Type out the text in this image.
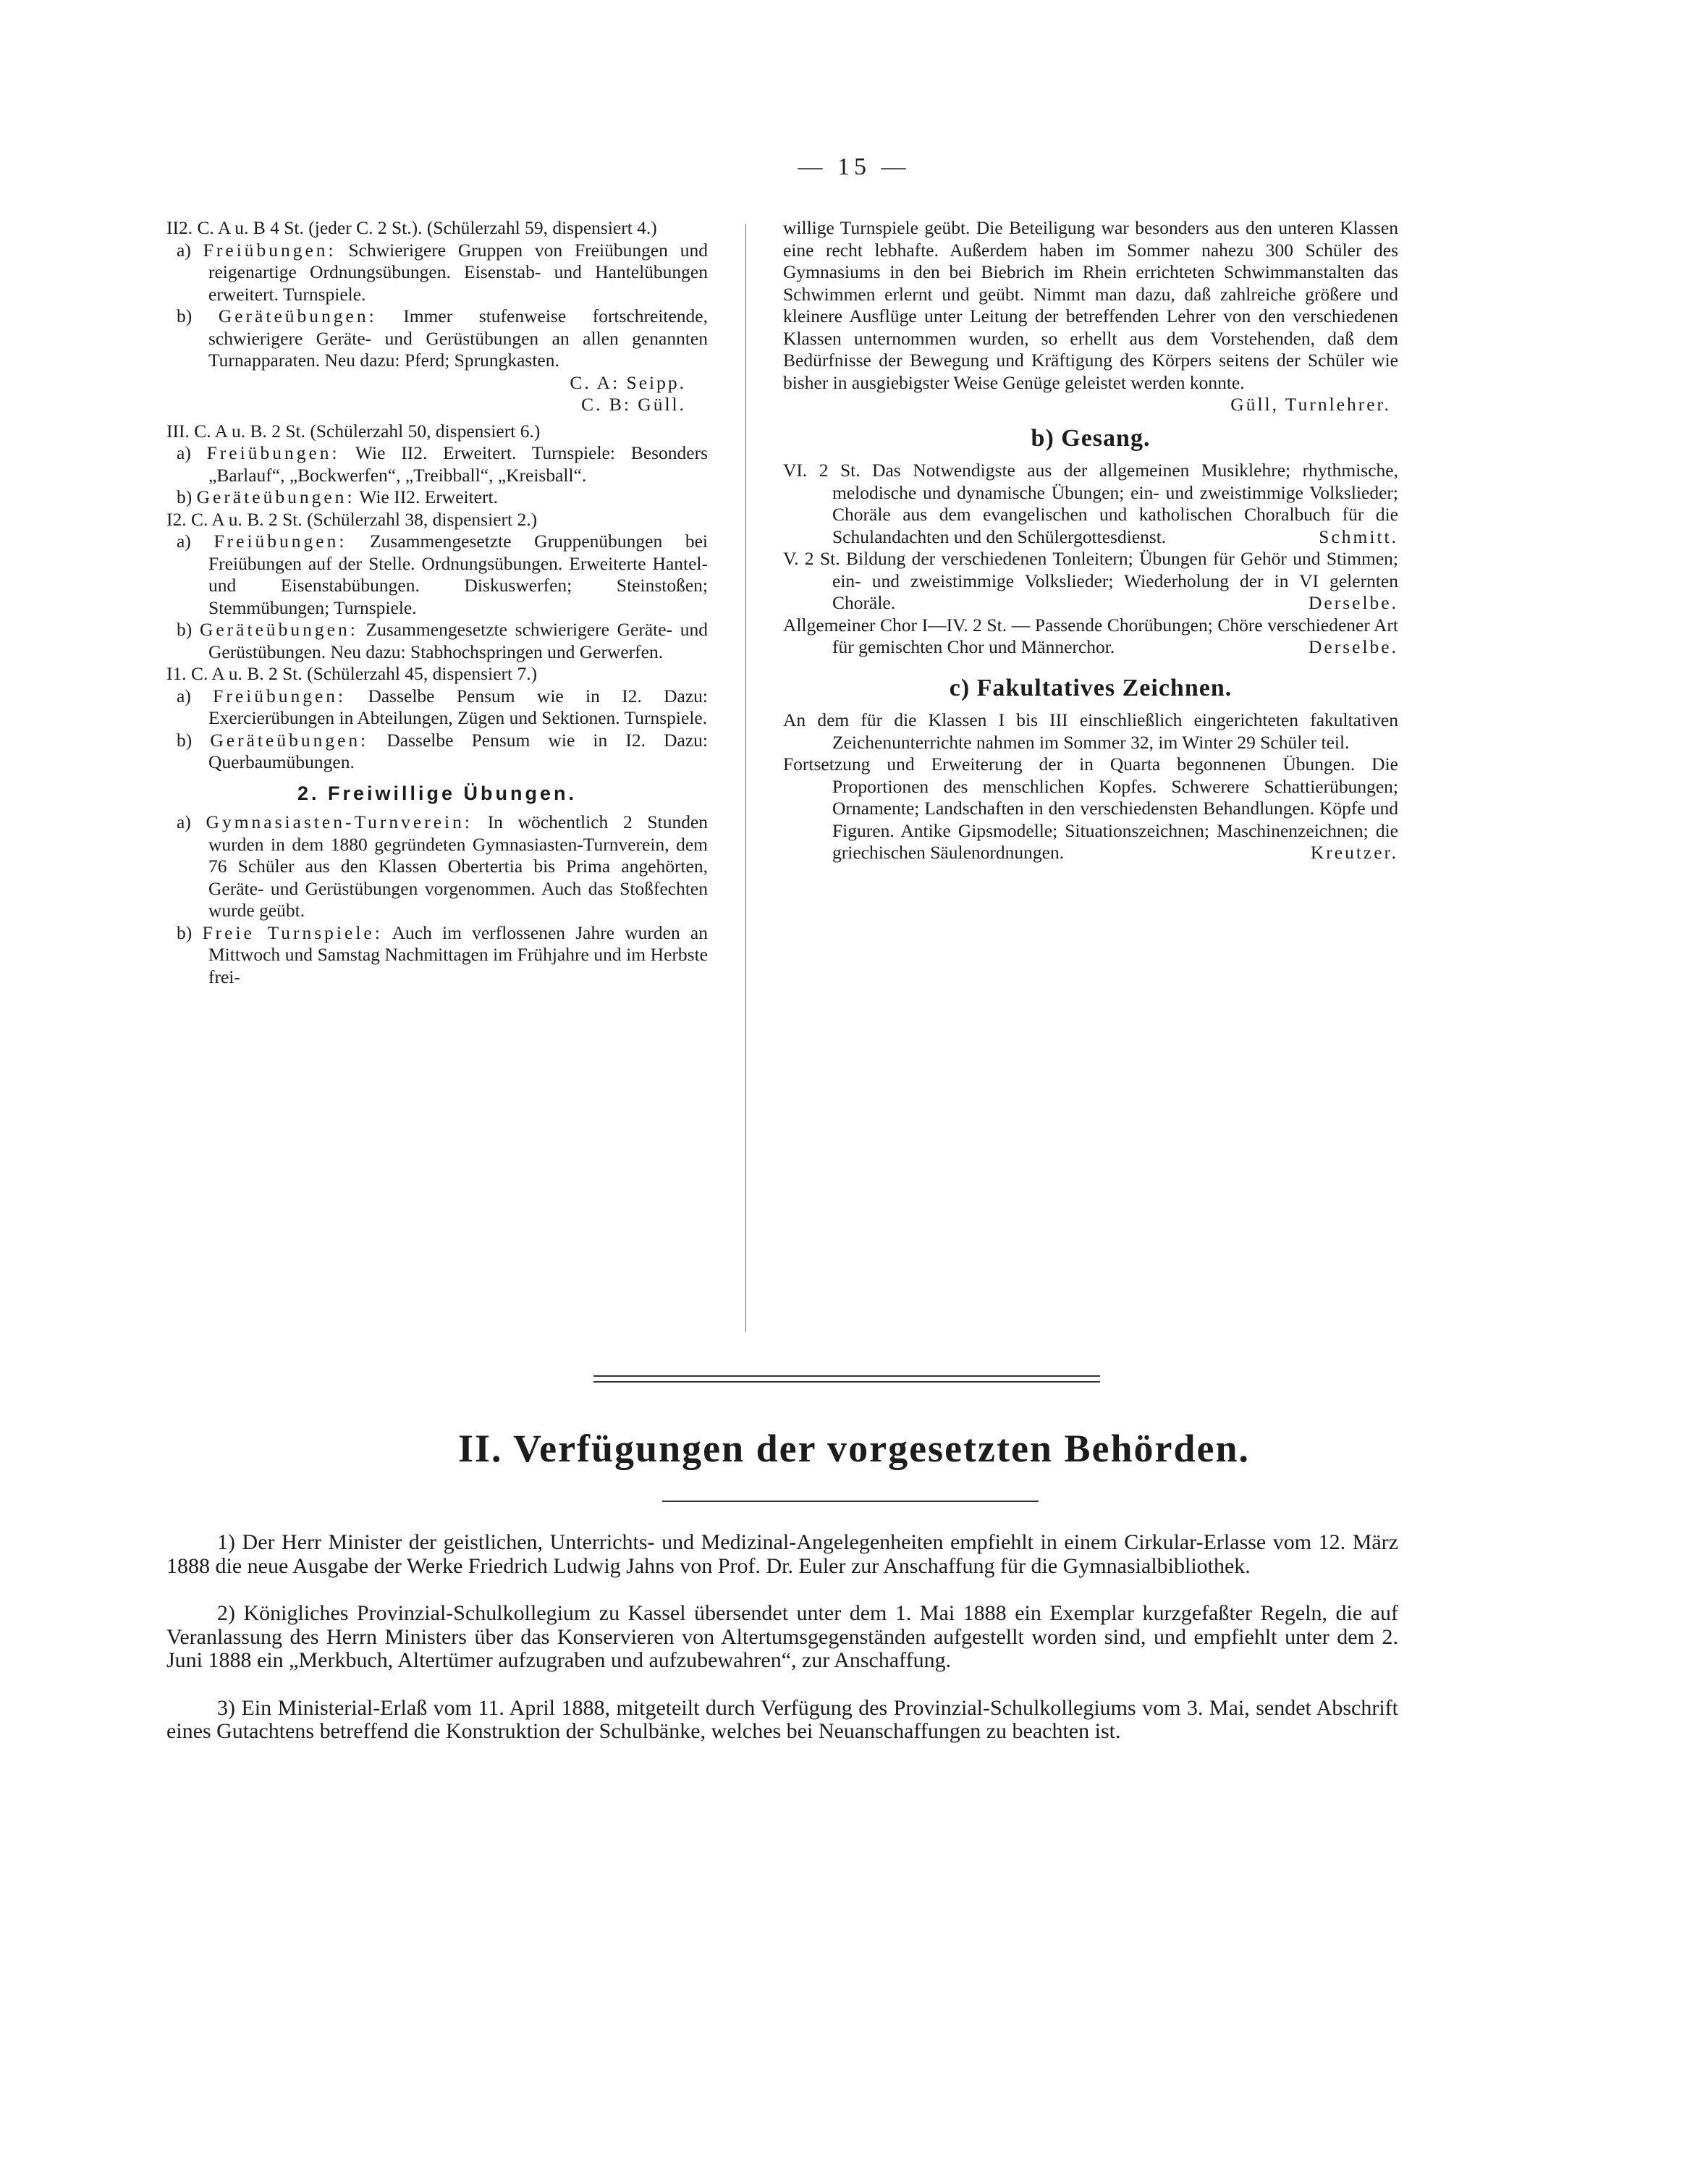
— 15 —

II2. C. A u. B 4 St. (jeder C. 2 St.). (Schülerzahl 59, dispensiert 4.)

a) Freiübungen: Schwierigere Gruppen von Freiübungen und reigenartige Ordnungsübungen. Eisenstab- und Hantelübungen erweitert. Turnspiele.

b) Geräteübungen: Immer stufenweise fortschreitende, schwierigere Geräte- und Gerüstübungen an allen genannten Turnapparaten. Neu dazu: Pferd; Sprungkasten.

C. A: Seipp.

C. B: Güll.

III. C. A u. B. 2 St. (Schülerzahl 50, dispensiert 6.)

a) Freiübungen: Wie II2. Erweitert. Turnspiele: Besonders „Barlauf“, „Bockwerfen“, „Treibball“, „Kreisball“.

b) Geräteübungen: Wie II2. Erweitert.

I2. C. A u. B. 2 St. (Schülerzahl 38, dispensiert 2.)

a) Freiübungen: Zusammengesetzte Gruppenübungen bei Freiübungen auf der Stelle. Ordnungsübungen. Erweiterte Hantel- und Eisenstabübungen. Diskuswerfen; Steinstoßen; Stemmübungen; Turnspiele.

b) Geräteübungen: Zusammengesetzte schwierigere Geräte- und Gerüstübungen. Neu dazu: Stabhochspringen und Gerwerfen.

I1. C. A u. B. 2 St. (Schülerzahl 45, dispensiert 7.)

a) Freiübungen: Dasselbe Pensum wie in I2. Dazu: Exercierübungen in Abteilungen, Zügen und Sektionen. Turnspiele.

b) Geräteübungen: Dasselbe Pensum wie in I2. Dazu: Querbaumübungen.

2. Freiwillige Übungen.

a) Gymnasiasten-Turnverein: In wöchentlich 2 Stunden wurden in dem 1880 gegründeten Gymnasiasten-Turnverein, dem 76 Schüler aus den Klassen Obertertia bis Prima angehörten, Geräte- und Gerüstübungen vorgenommen. Auch das Stoßfechten wurde geübt.

b) Freie Turnspiele: Auch im verflossenen Jahre wurden an Mittwoch und Samstag Nachmittagen im Frühjahre und im Herbste frei-

willige Turnspiele geübt. Die Beteiligung war besonders aus den unteren Klassen eine recht lebhafte. Außerdem haben im Sommer nahezu 300 Schüler des Gymnasiums in den bei Biebrich im Rhein errichteten Schwimmanstalten das Schwimmen erlernt und geübt. Nimmt man dazu, daß zahlreiche größere und kleinere Ausflüge unter Leitung der betreffenden Lehrer von den verschiedenen Klassen unternommen wurden, so erhellt aus dem Vorstehenden, daß dem Bedürfnisse der Bewegung und Kräftigung des Körpers seitens der Schüler wie bisher in ausgiebigster Weise Genüge geleistet werden konnte.

Güll, Turnlehrer.

b) Gesang.

VI. 2 St. Das Notwendigste aus der allgemeinen Musiklehre; rhythmische, melodische und dynamische Übungen; ein- und zweistimmige Volkslieder; Choräle aus dem evangelischen und katholischen Choralbuch für die Schulandachten und den Schülergottesdienst.	Schmitt.

V. 2 St. Bildung der verschiedenen Tonleitern; Übungen für Gehör und Stimmen; ein- und zweistimmige Volkslieder; Wiederholung der in VI gelernten Choräle.	Derselbe.

Allgemeiner Chor I—IV. 2 St. — Passende Chorübungen; Chöre verschiedener Art für gemischten Chor und Männerchor.	Derselbe.

c) Fakultatives Zeichnen.

An dem für die Klassen I bis III einschließlich eingerichteten fakultativen Zeichenunterrichte nahmen im Sommer 32, im Winter 29 Schüler teil.

Fortsetzung und Erweiterung der in Quarta begonnenen Übungen. Die Proportionen des menschlichen Kopfes. Schwerere Schattierübungen; Ornamente; Landschaften in den verschiedensten Behandlungen. Köpfe und Figuren. Antike Gipsmodelle; Situationszeichnen; Maschinenzeichnen; die griechischen Säulenordnungen.	Kreutzer.

II. Verfügungen der vorgesetzten Behörden.

1) Der Herr Minister der geistlichen, Unterrichts- und Medizinal-Angelegenheiten empfiehlt in einem Cirkular-Erlasse vom 12. März 1888 die neue Ausgabe der Werke Friedrich Ludwig Jahns von Prof. Dr. Euler zur Anschaffung für die Gymnasialbibliothek.

2) Königliches Provinzial-Schulkollegium zu Kassel übersendet unter dem 1. Mai 1888 ein Exemplar kurzgefaßter Regeln, die auf Veranlassung des Herrn Ministers über das Konservieren von Altertumsgegenständen aufgestellt worden sind, und empfiehlt unter dem 2. Juni 1888 ein „Merkbuch, Altertümer aufzugraben und aufzubewahren“, zur Anschaffung.

3) Ein Ministerial-Erlaß vom 11. April 1888, mitgeteilt durch Verfügung des Provinzial-Schulkollegiums vom 3. Mai, sendet Abschrift eines Gutachtens betreffend die Konstruktion der Schulbänke, welches bei Neuanschaffungen zu beachten ist.
